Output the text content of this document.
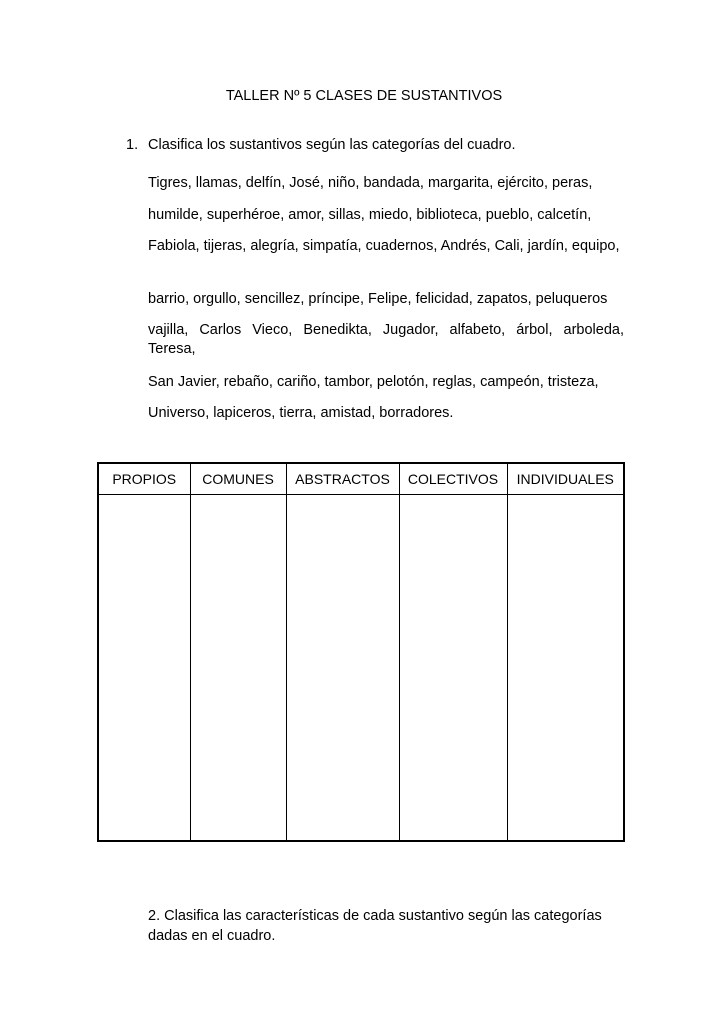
TALLER Nº 5 CLASES DE SUSTANTIVOS
1. Clasifica los sustantivos según las categorías del cuadro.
Tigres, llamas, delfín, José, niño, bandada, margarita, ejército, peras,
humilde, superhéroe, amor, sillas, miedo, biblioteca, pueblo, calcetín,
Fabiola, tijeras, alegría, simpatía, cuadernos, Andrés, Cali, jardín, equipo,
barrio, orgullo, sencillez, príncipe, Felipe, felicidad, zapatos, peluqueros
vajilla, Carlos Vieco, Benedikta, Jugador, alfabeto, árbol, arboleda, Teresa,
San Javier, rebaño, cariño, tambor, pelotón, reglas, campeón, tristeza,
Universo, lapiceros, tierra, amistad, borradores.
PROPIOS	COMUNES	ABSTRACTOS	COLECTIVOS	INDIVIDUALES

2. Clasifica las características de cada sustantivo según las categorías dadas en el cuadro.
